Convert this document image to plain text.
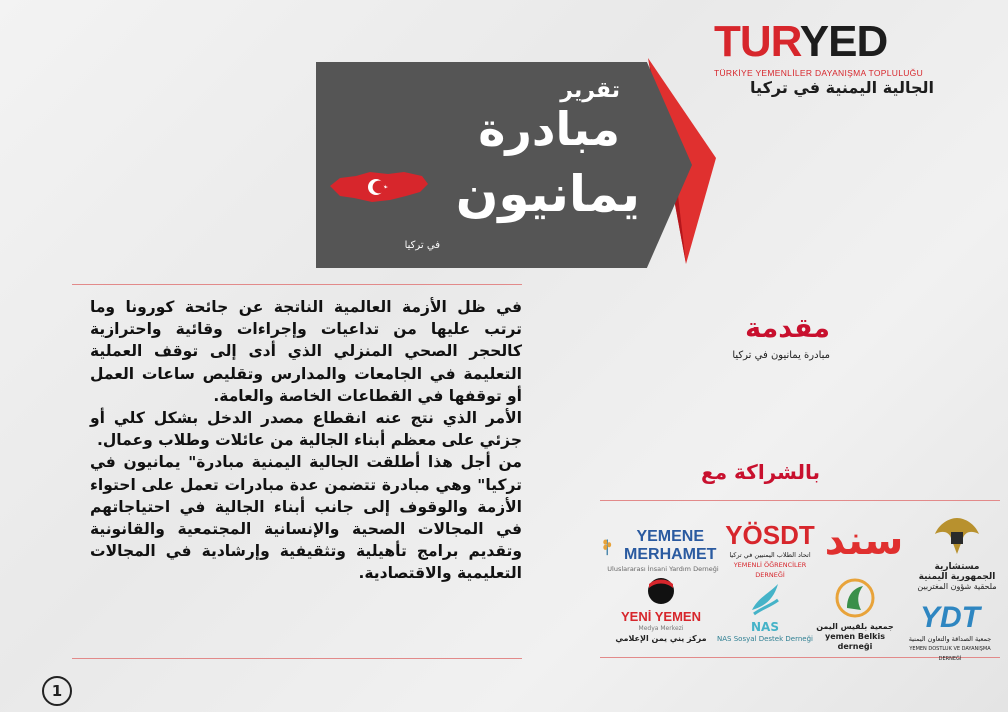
TURYED
TÜRKİYE YEMENLİLER DAYANIŞMA TOPLULUĞU
الجالية اليمنية في تركيا
تقرير
مبادرة
يمانيون
في تركيا
مقدمة
مبادرة يمانيون في تركيا

في ظل الأزمة العالمية الناتجة عن جائحة كورونا وما ترتب عليها من تداعيات وإجراءات وقائية واحترازية كالحجر الصحي المنزلي الذي أدى إلى توقف العملية التعليمة في الجامعات والمدارس وتقليص ساعات العمل أو توقفها في القطاعات الخاصة والعامة.

الأمر الذي نتج عنه انقطاع مصدر الدخل بشكل كلي أو جزئي على معظم أبناء الجالية من عائلات وطلاب وعمال.

من أجل هذا أطلقت الجالية اليمنية مبادرة" يمانيون في تركيا" وهي مبادرة تتضمن عدة مبادرات تعمل على احتواء الأزمة والوقوف إلى جانب أبناء الجالية في احتياجاتهم في المجالات الصحية والإنسانية المجتمعية والقانونية وتقديم برامج تأهيلية وتثقيفية وإرشادية في المجالات التعليمية والاقتصادية.

بالشراكة مع
مستشارية الجمهورية اليمنية
ملحقية شؤون المغتربين
سند
YÖSDT
اتحاد الطلاب اليمنيين في تركيا
YEMENLİ ÖĞRENCİLER DERNEĞİ
YEMENE MERHAMET
Uluslararası İnsani Yardım Derneği
YDT
جمعية الصداقة والتعاون اليمنية
YEMEN DOSTLUK VE DAYANIŞMA DERNEĞİ
جمعية بلقيس اليمن
yemen Belkis derneği
NAS
NAS Sosyal Destek Derneği
YENİ YEMEN
Medya Merkezi
مركز يني يمن الإعلامي
1
